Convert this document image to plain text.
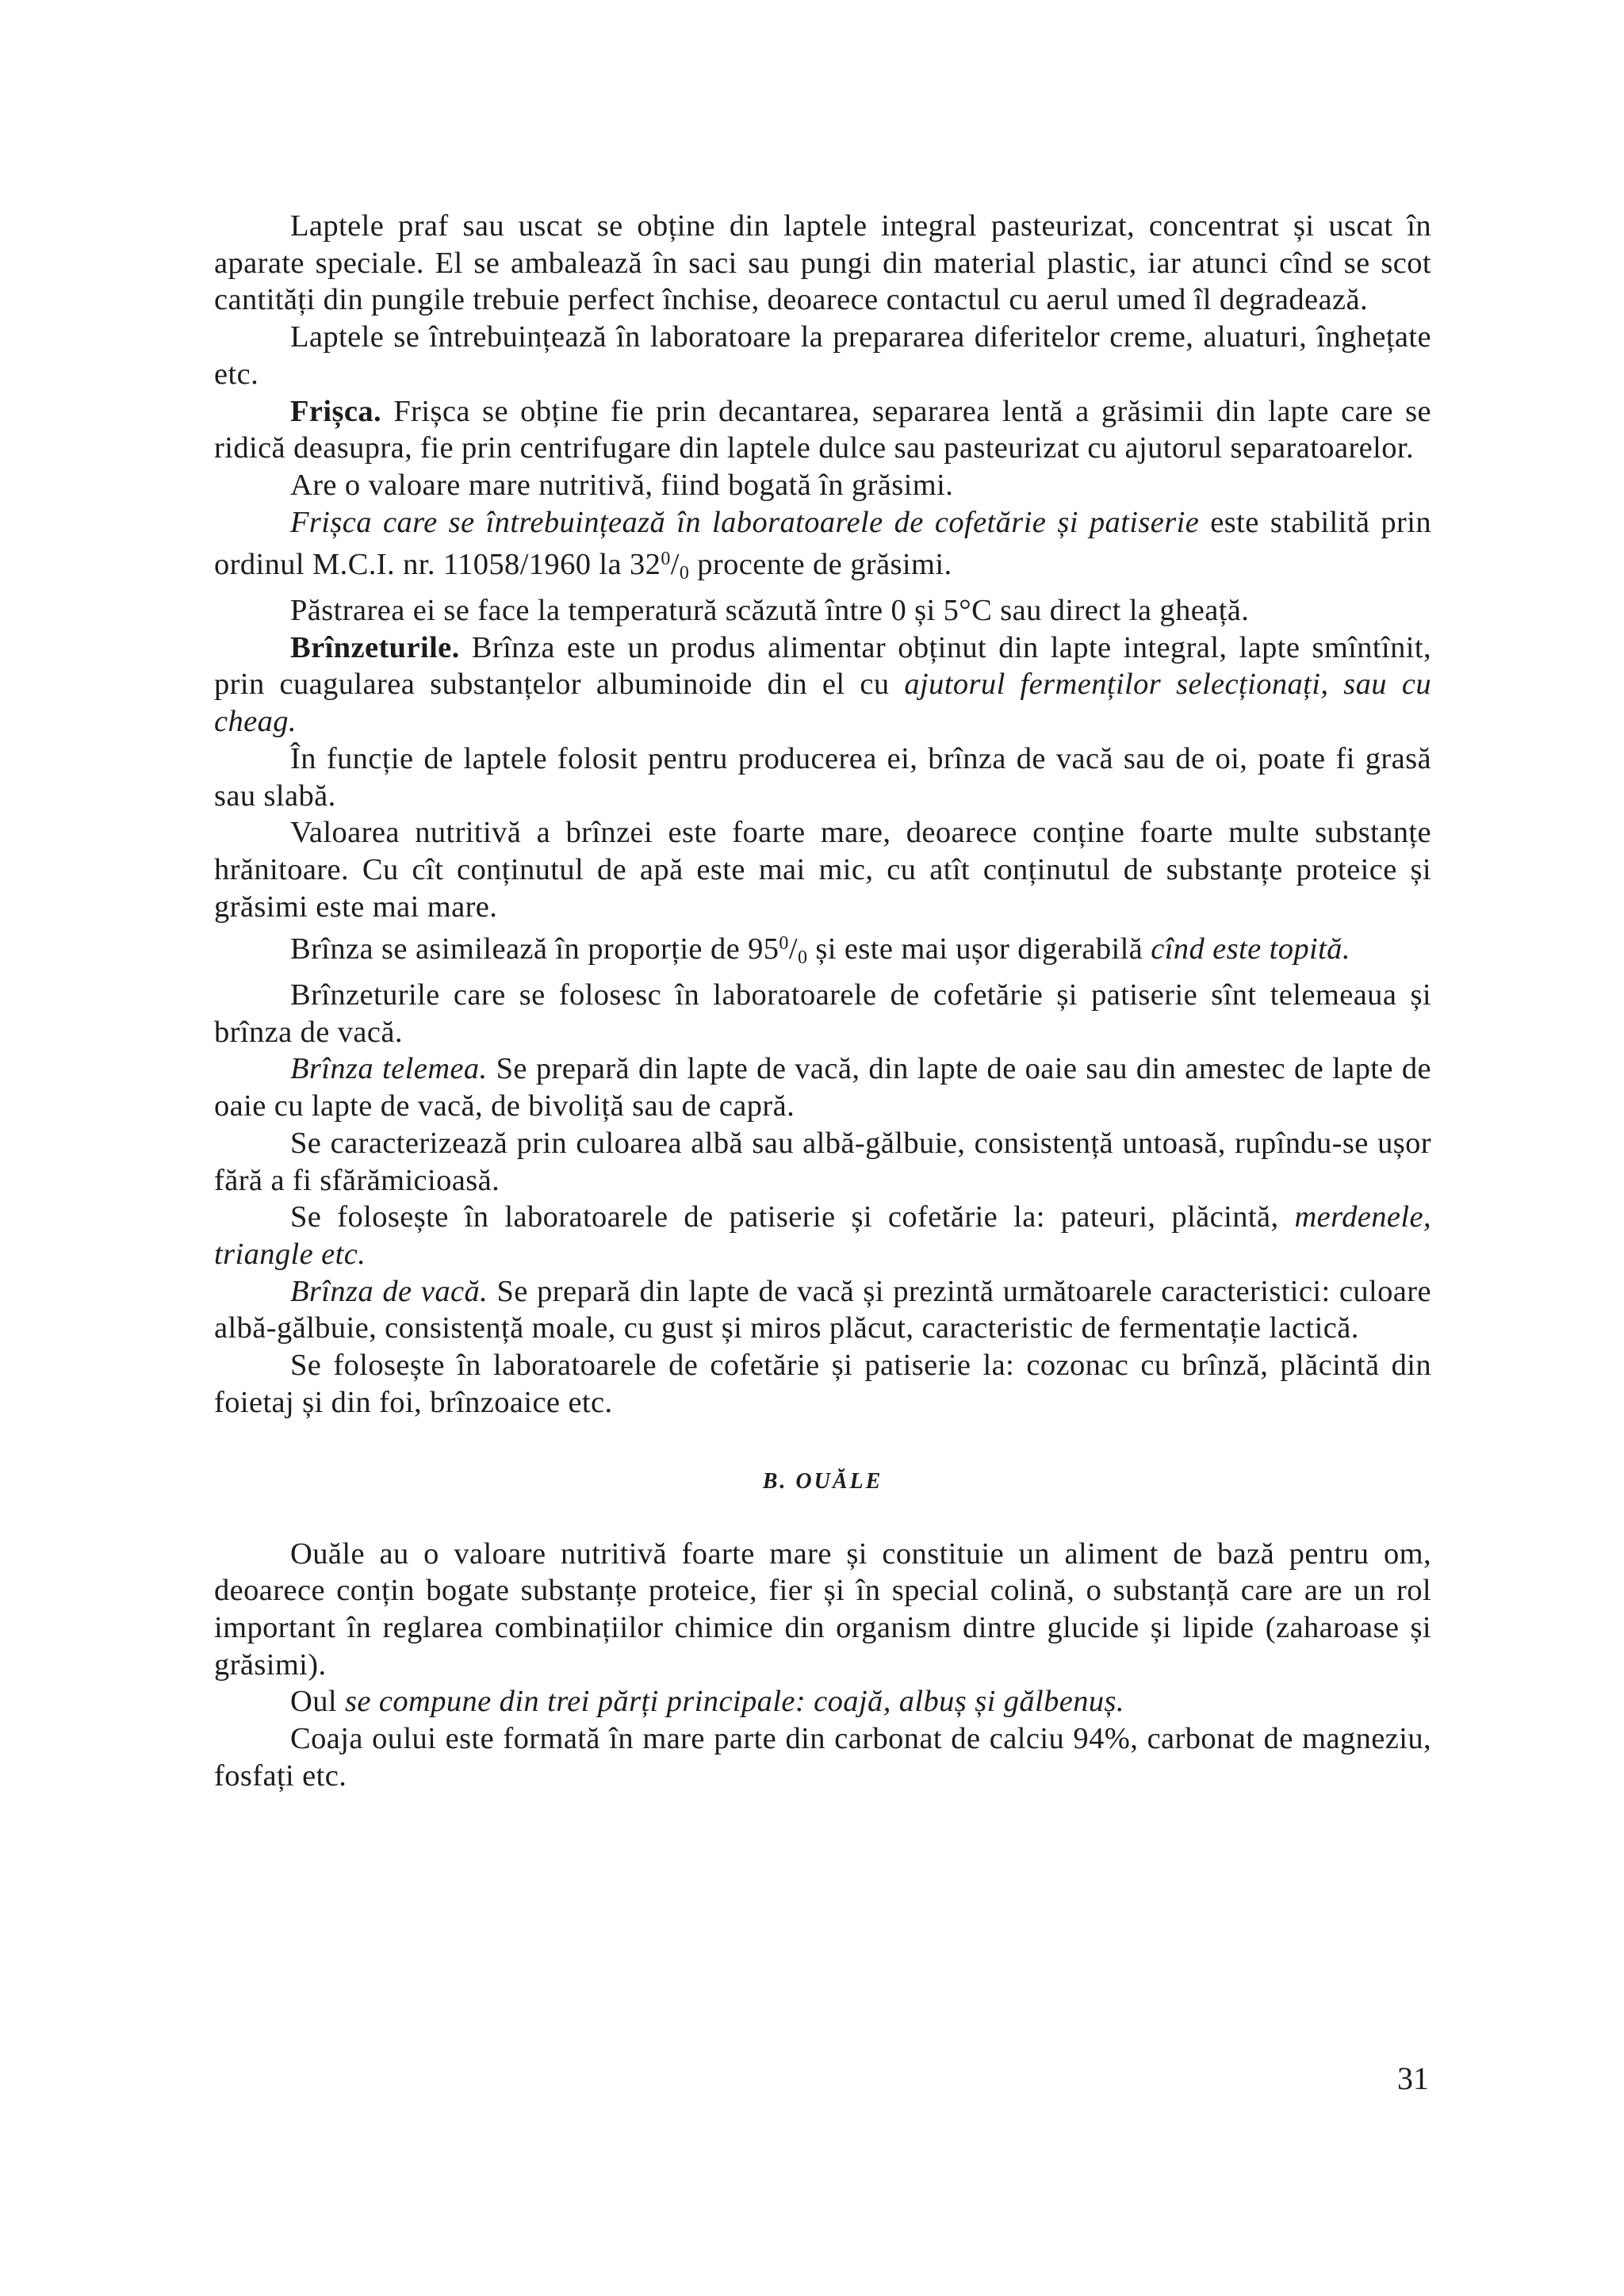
Laptele praf sau uscat se obține din laptele integral pasteurizat, concentrat și uscat în aparate speciale. El se ambalează în saci sau pungi din material plastic, iar atunci cînd se scot cantități din pungile trebuie perfect închise, deoarece contactul cu aerul umed îl degradează.

Laptele se întrebuințează în laboratoare la prepararea diferitelor creme, aluaturi, înghețate etc.

Frișca. Frișca se obține fie prin decantarea, separarea lentă a grăsimii din lapte care se ridică deasupra, fie prin centrifugare din laptele dulce sau pasteurizat cu ajutorul separatoarelor.

Are o valoare mare nutritivă, fiind bogată în grăsimi.

Frișca care se întrebuințează în laboratoarele de cofetărie și patiserie este stabilită prin ordinul M.C.I. nr. 11058/1960 la $32^0/_0$ procente de grăsimi.

Păstrarea ei se face la temperatură scăzută între 0 și 5°C sau direct la gheață.

Brînzeturile. Brînza este un produs alimentar obținut din lapte integral, lapte smîntînit, prin cuagularea substanțelor albuminoide din el cu ajutorul fermenților selecționați, sau cu cheag.

În funcție de laptele folosit pentru producerea ei, brînza de vacă sau de oi, poate fi grasă sau slabă.

Valoarea nutritivă a brînzei este foarte mare, deoarece conține foarte multe substanțe hrănitoare. Cu cît conținutul de apă este mai mic, cu atît conținutul de substanțe proteice și grăsimi este mai mare.

Brînza se asimilează în proporție de $95^0/_0$ și este mai ușor digerabilă cînd este topită.

Brînzeturile care se folosesc în laboratoarele de cofetărie și patiserie sînt telemeaua și brînza de vacă.

Brînza telemea. Se prepară din lapte de vacă, din lapte de oaie sau din amestec de lapte de oaie cu lapte de vacă, de bivoliță sau de capră.

Se caracterizează prin culoarea albă sau albă-gălbuie, consistență untoasă, rupîndu-se ușor fără a fi sfărămicioasă.

Se folosește în laboratoarele de patiserie și cofetărie la: pateuri, plăcintă, merdenele, triangle etc.

Brînza de vacă. Se prepară din lapte de vacă și prezintă următoarele caracteristici: culoare albă-gălbuie, consistență moale, cu gust și miros plăcut, caracteristic de fermentație lactică.

Se folosește în laboratoarele de cofetărie și patiserie la: cozonac cu brînză, plăcintă din foietaj și din foi, brînzoaice etc.

B. OUĂLE

Ouăle au o valoare nutritivă foarte mare și constituie un aliment de bază pentru om, deoarece conțin bogate substanțe proteice, fier și în special colină, o substanță care are un rol important în reglarea combinațiilor chimice din organism dintre glucide și lipide (zaharoase și grăsimi).

Oul se compune din trei părți principale: coajă, albuș și gălbenuș.

Coaja oului este formată în mare parte din carbonat de calciu 94%, carbonat de magneziu, fosfați etc.

31
